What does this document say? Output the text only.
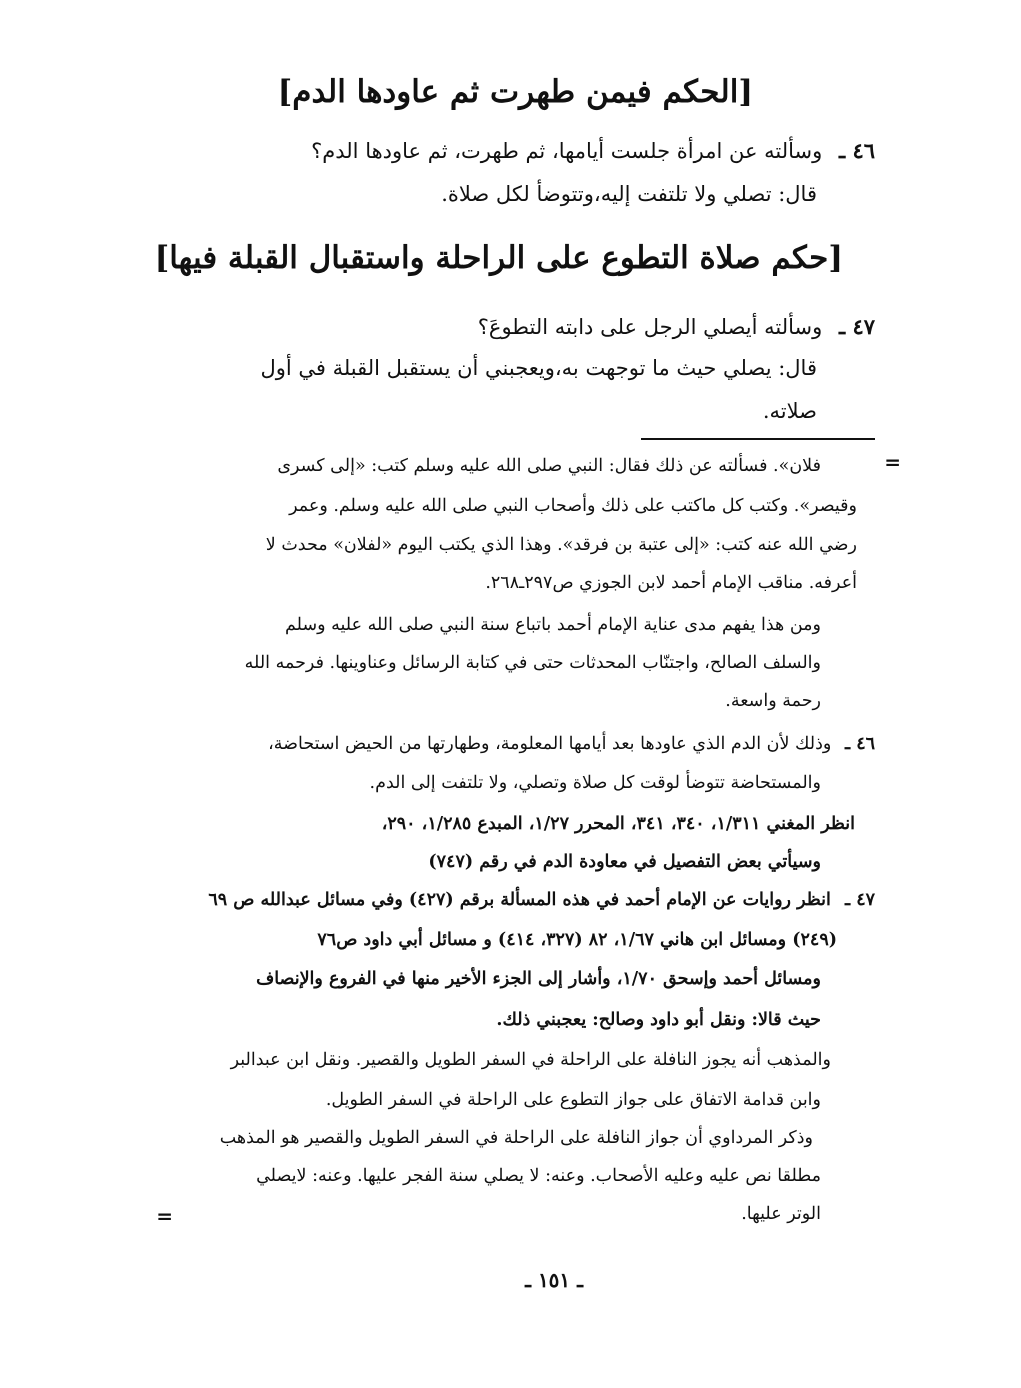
[الحكم فيمن طهرت ثم عاودها الدم]
٤٦ ـ وسألته عن امرأة جلست أيامها، ثم طهرت، ثم عاودها الدم؟
قال: تصلي ولا تلتفت إليه،وتتوضأ لكل صلاة.
[حكم صلاة التطوع على الراحلة واستقبال القبلة فيها]
٤٧ ـ وسألته أيصلي الرجل على دابته التطوعَ؟
قال: يصلي حيث ما توجهت به،ويعجبني أن يستقبل القبلة في أول
صلاته.
=
فلان». فسألته عن ذلك فقال: النبي صلى الله عليه وسلم كتب: «إلى كسرى
وقيصر». وكتب كل ماكتب على ذلك وأصحاب النبي صلى الله عليه وسلم. وعمر
رضي الله عنه كتب: «إلى عتبة بن فرقد». وهذا الذي يكتب اليوم «لفلان» محدث لا
أعرفه. مناقب الإمام أحمد لابن الجوزي ص٢٩٧ـ٢٦٨.
ومن هذا يفهم مدى عناية الإمام أحمد باتباع سنة النبي صلى الله عليه وسلم
والسلف الصالح، واجتنّاب المحدثات حتى في كتابة الرسائل وعناوينها. فرحمه الله
رحمة واسعة.
٤٦ ـ وذلك لأن الدم الذي عاودها بعد أيامها المعلومة، وطهارتها من الحيض استحاضة،
والمستحاضة تتوضأ لوقت كل صلاة وتصلي، ولا تلتفت إلى الدم.
انظر المغني ١/٣١١، ٣٤٠، ٣٤١، المحرر ١/٢٧، المبدع ١/٢٨٥، ٢٩٠،
وسيأتي بعض التفصيل في معاودة الدم في رقم (٧٤٧)
٤٧ ـ انظر روايات عن الإمام أحمد في هذه المسألة برقم (٤٢٧) وفي مسائل عبدالله ص ٦٩
(٢٤٩) ومسائل ابن هاني ١/٦٧، ٨٢ (٣٢٧، ٤١٤) و مسائل أبي داود ص٧٦
ومسائل أحمد وإسحق ١/٧٠، وأشار إلى الجزء الأخير منها في الفروع والإنصاف
حيث قالا: ونقل أبو داود وصالح: يعجبني ذلك.
والمذهب أنه يجوز النافلة على الراحلة في السفر الطويل والقصير. ونقل ابن عبدالبر
وابن قدامة الاتفاق على جواز التطوع على الراحلة في السفر الطويل.
وذكر المرداوي أن جواز النافلة على الراحلة في السفر الطويل والقصير هو المذهب
مطلقا نص عليه وعليه الأصحاب. وعنه: لا يصلي سنة الفجر عليها. وعنه: لايصلي
الوتر عليها.
=
ـ ١٥١ ـ
